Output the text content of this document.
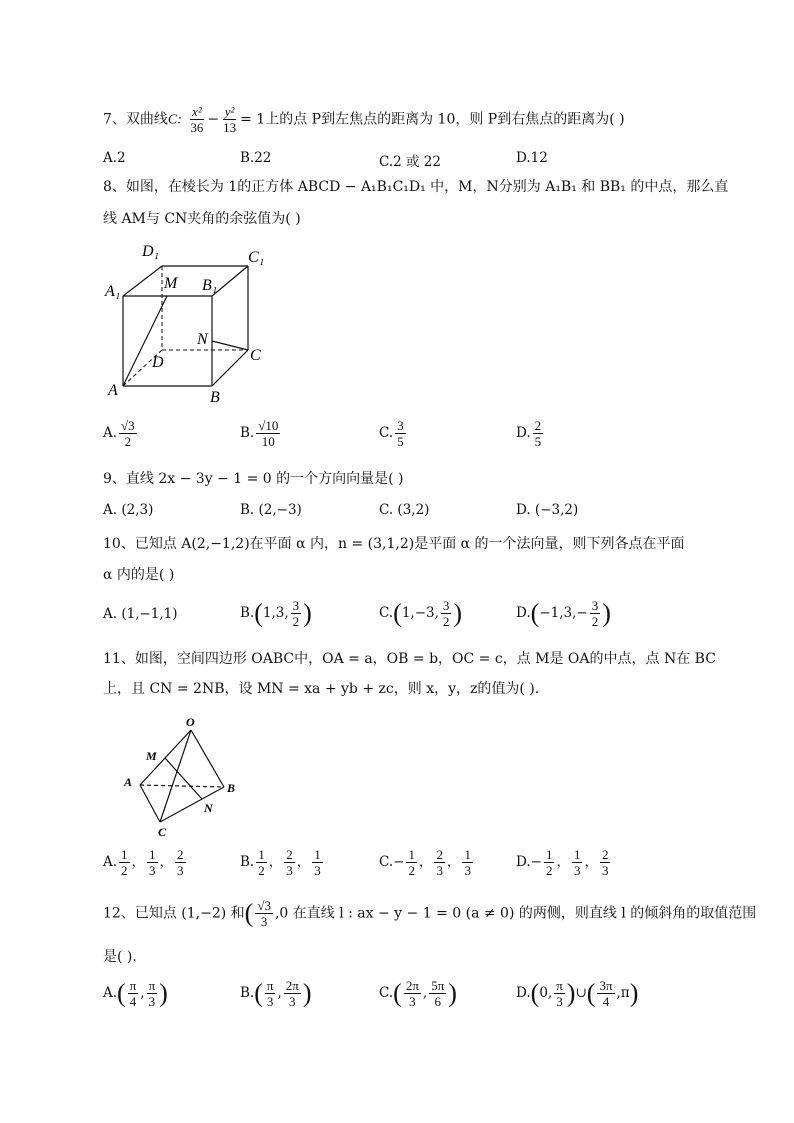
7、双曲线C: $\frac{\text{x²}}{36} - \frac{\text{y²}}{13} = 1$上的点 P到左焦点的距离为 10，则 P到右焦点的距离为( )
A.2	B.22	C.2 或 22	D.12
8、如图，在棱长为 1的正方体 ABCD − A₁B₁C₁D₁ 中，M，N分别为 A₁B₁ 和 BB₁ 的中点，那么直
线 AM与 CN夹角的余弦值为( )
D₁	C₁
A₁	M B₁
N
D	C
A	B
A. $\frac{√3}{2}$	B. $\frac{√10}{10}$	C. $\frac{3}{5}$	D. $\frac{2}{5}$
9、直线 2x − 3y − 1 = 0 的一个方向向量是( )
A. (2,3)	B. (2,−3)	C. (3,2)	D. (−3,2)
10、已知点 A(2,−1,2)在平面 α 内，n = (3,1,2)是平面 α 的一个法向量，则下列各点在平面
α 内的是( )
A. (1,−1,1)	B.(1,3, $\frac{3}{2}$ )	C.(1,−3, $\frac{3}{2}$ )	$D.(-1,3,- \frac{3}{2}$ )
11、如图，空间四边形 OABC中，OA = a，OB = b，OC = c，点 M是 OA的中点，点 N在 BC
上，且 CN = 2NB，设 MN = xa + yb + zc，则 x，y，z的值为( ).
O
M
A	B
N
C
A. $\frac{1}{2}$ ， $\frac{1}{3}$ ， $\frac{2}{3}$	B. $\frac{1}{2}$ ， $\frac{2}{3}$ ， $\frac{1}{3}$	$C.- \frac{1}{2}$ ， $\frac{2}{3}$ ， $\frac{1}{3}$	$D.- \frac{1}{2}$ ， $\frac{1}{3}$ ， $\frac{2}{3}$
12、已知点 (1,−2) 和( $\frac{√3}{3} ,0$ 在直线 l : ax − y − 1 = 0 (a ≠ 0) 的两侧，则直线 l 的倾斜角的取值范围
是( ).
$A.( \frac{\pi}{4}$ , $\frac{\pi}{3}$ )	$B.( \frac{\pi}{3}$ , $\frac{2\pi}{3}$ )	$C.( \frac{2\pi}{3}$ , $\frac{5\pi}{6}$ )	D.(0, $\frac{\pi}{3}$ )∪( $\frac{3\pi}{4} ,\pi$)
